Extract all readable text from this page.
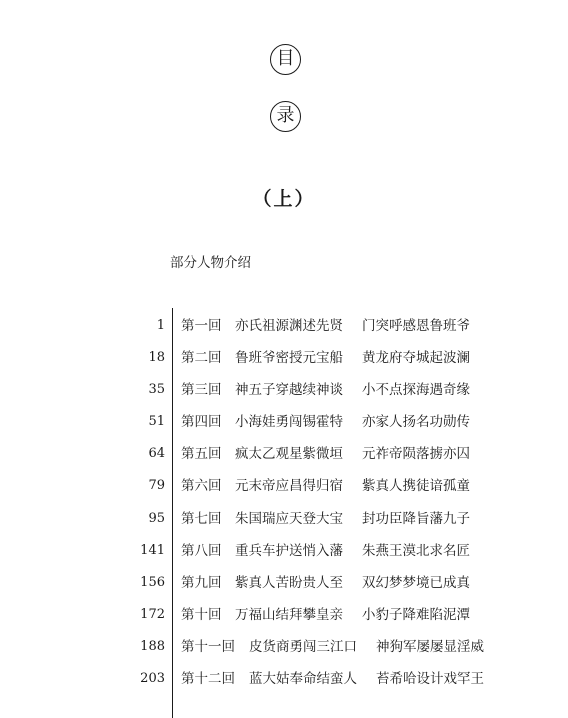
目
录
（上）
部分人物介绍
1 第一回 亦氏祖源渊述先贤 门突呼感恩鲁班爷
18 第二回 鲁班爷密授元宝船 黄龙府夺城起波澜
35 第三回 神五子穿越续神谈 小不点探海遇奇缘
51 第四回 小海娃勇闯锡霍特 亦家人扬名功勋传
64 第五回 疯太乙观星紫微垣 元祚帝陨落掳亦囚
79 第六回 元末帝应昌得归宿 紫真人携徒谙孤童
95 第七回 朱国瑞应天登大宝 封功臣降旨藩九子
141 第八回 重兵车护送悄入藩 朱燕王漠北求名匠
156 第九回 紫真人苦盼贵人至 双幻梦梦境已成真
172 第十回 万福山结拜攀皇亲 小豹子降难陷泥潭
188 第十一回 皮货商勇闯三江口 神狗军屡屡显淫威
203 第十二回 蓝大姑奉命结蛮人 苔希哈设计戏罕王
